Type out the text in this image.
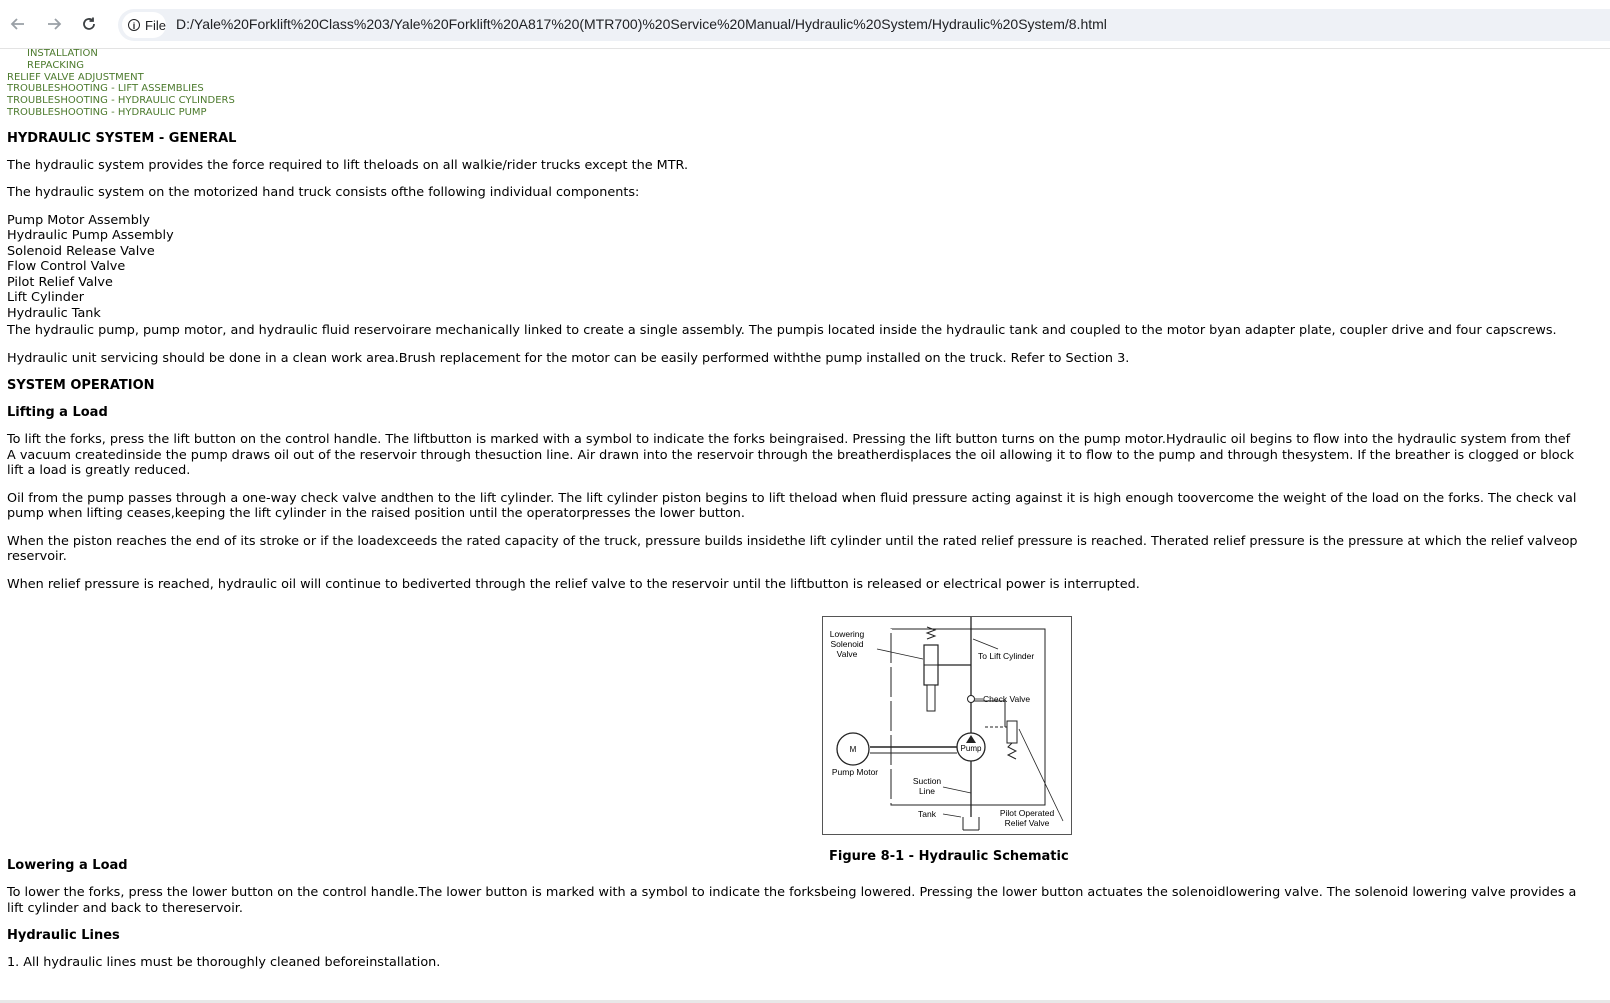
i File D:/Yale%20Forklift%20Class%203/Yale%20Forklift%20A817%20(MTR700)%20Service%20Manual/Hydraulic%20System/Hydraulic%20System/8.html
INSTALLATION
REPACKING
RELIEF VALVE ADJUSTMENT
TROUBLESHOOTING - LIFT ASSEMBLIES
TROUBLESHOOTING - HYDRAULIC CYLINDERS
TROUBLESHOOTING - HYDRAULIC PUMP
HYDRAULIC SYSTEM - GENERAL

The hydraulic system provides the force required to lift theloads on all walkie/rider trucks except the MTR.

The hydraulic system on the motorized hand truck consists ofthe following individual components:

Pump Motor Assembly

Hydraulic Pump Assembly

Solenoid Release Valve

Flow Control Valve

Pilot Relief Valve

Lift Cylinder

Hydraulic Tank

The hydraulic pump, pump motor, and hydraulic fluid reservoirare mechanically linked to create a single assembly. The pumpis located inside the hydraulic tank and coupled to the motor byan adapter plate, coupler drive and four capscrews.

Hydraulic unit servicing should be done in a clean work area.Brush replacement for the motor can be easily performed withthe pump installed on the truck. Refer to Section 3.

SYSTEM OPERATION
Lifting a Load

To lift the forks, press the lift button on the control handle. The liftbutton is marked with a symbol to indicate the forks beingraised. Pressing the lift button turns on the pump motor.Hydraulic oil begins to flow into the hydraulic system from thef

A vacuum createdinside the pump draws oil out of the reservoir through thesuction line. Air drawn into the reservoir through the breatherdisplaces the oil allowing it to flow to the pump and through thesystem. If the breather is clogged or block

lift a load is greatly reduced.

Oil from the pump passes through a one-way check valve andthen to the lift cylinder. The lift cylinder piston begins to lift theload when fluid pressure acting against it is high enough toovercome the weight of the load on the forks. The check val

pump when lifting ceases,keeping the lift cylinder in the raised position until the operatorpresses the lower button.

When the piston reaches the end of its stroke or if the loadexceeds the rated capacity of the truck, pressure builds insidethe lift cylinder until the rated relief pressure is reached. Therated relief pressure is the pressure at which the relief valveop

reservoir.

When relief pressure is reached, hydraulic oil will continue to bediverted through the relief valve to the reservoir until the liftbutton is released or electrical power is interrupted.

Lowering a Load

To lower the forks, press the lower button on the control handle.The lower button is marked with a symbol to indicate the forksbeing lowered. Pressing the lower button actuates the solenoidlowering valve. The solenoid lowering valve provides a

lift cylinder and back to thereservoir.

Hydraulic Lines

1. All hydraulic lines must be thoroughly cleaned beforeinstallation.

Lowering
Solenoid
Valve	To Lift Cylinder
Check Valve
M	Pump
Pump Motor
Suction
Line
Tank	Pilot Operated
Relief Valve
Figure 8-1 - Hydraulic Schematic
